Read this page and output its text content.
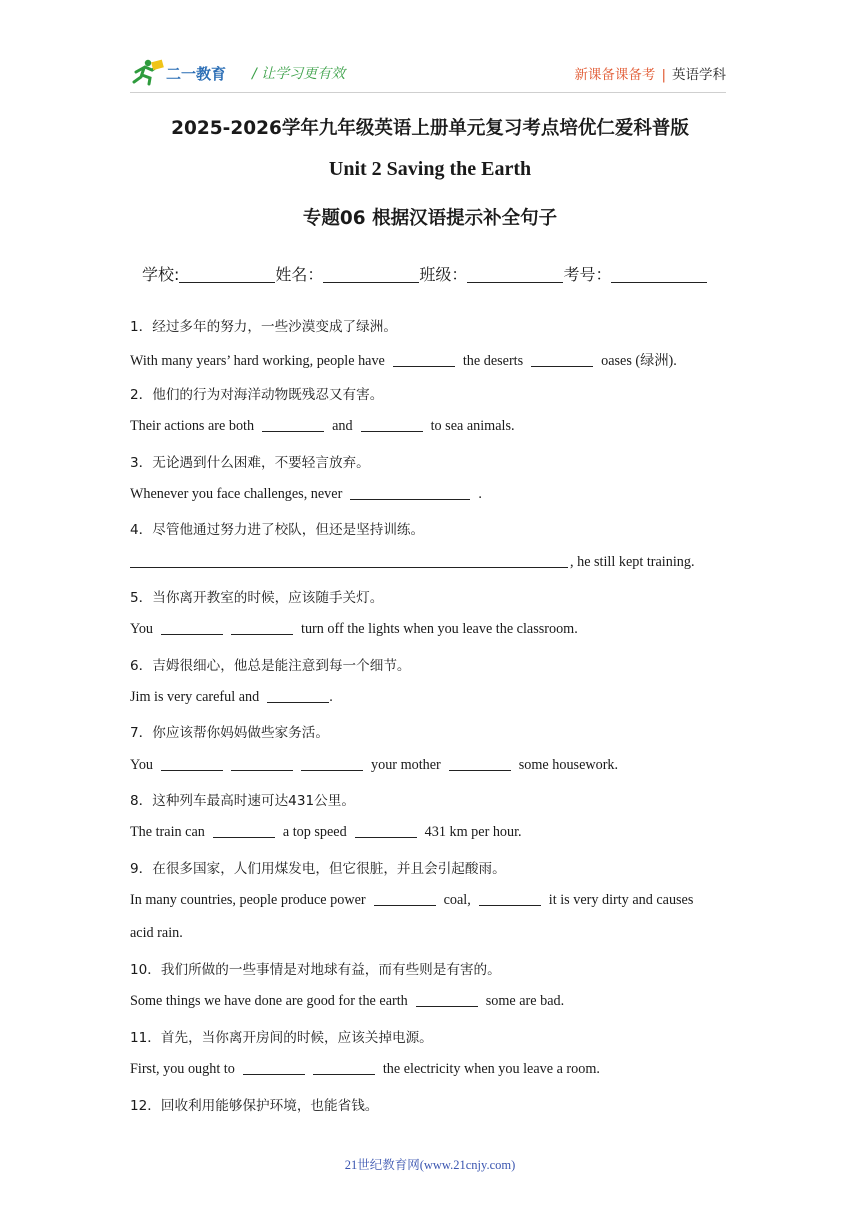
二一教育 / 让学习更有效	新课备课备考 | 英语学科
2025-2026学年九年级英语上册单元复习考点培优仁爱科普版
Unit 2 Saving the Earth
专题06 根据汉语提示补全句子
学校:	姓名：	班级：	考号：
1．经过多年的努力，一些沙漠变成了绿洲。
With many years’ hard working, people have	the deserts	oases (绿洲).
2．他们的行为对海洋动物既残忍又有害。
Their actions are both	and	to sea animals.
3．无论遇到什么困难，不要轻言放弃。
Whenever you face challenges, never	.
4．尽管他通过努力进了校队，但还是坚持训练。
, he still kept training.
5．当你离开教室的时候，应该随手关灯。
You	turn off the lights when you leave the classroom.
6．吉姆很细心，他总是能注意到每一个细节。
Jim is very careful and	.
7．你应该帮你妈妈做些家务活。
You	your mother	some housework.
8．这种列车最高时速可达431公里。
The train can	a top speed	431 km per hour.
9．在很多国家，人们用煤发电，但它很脏，并且会引起酸雨。
In many countries, people produce power	coal,	it is very dirty and causes
acid rain.
10．我们所做的一些事情是对地球有益，而有些则是有害的。
Some things we have done are good for the earth	some are bad.
11．首先，当你离开房间的时候，应该关掉电源。
First, you ought to	the electricity when you leave a room.
12．回收利用能够保护环境，也能省钱。
21世纪教育网(www.21cnjy.com)
